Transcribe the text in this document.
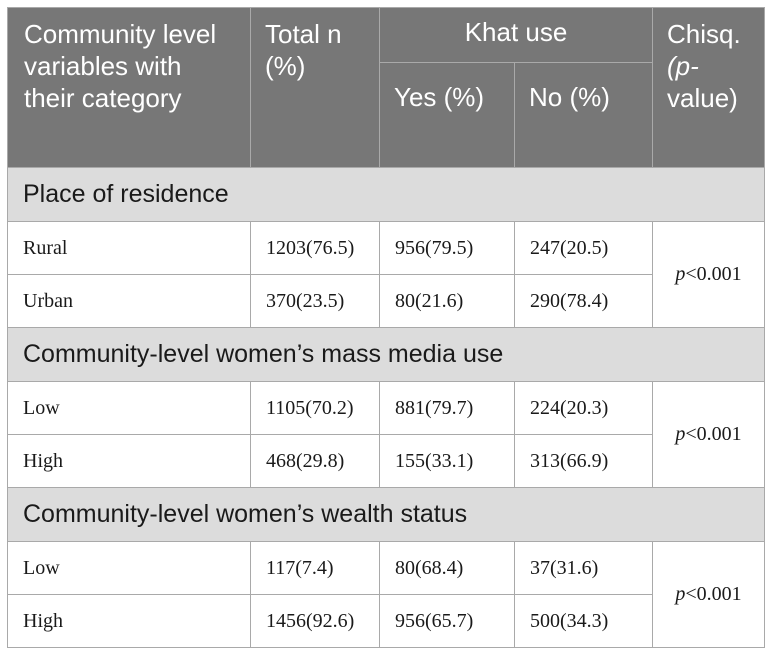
Community level variables with their category	Total n (%)	Khat use		Chisq. (p-
value)
		Yes (%)	No (%)	
Place of residence				
Rural	1203(76.5)	956(79.5)	247(20.5)	p<0.001
Urban	370(23.5)	80(21.6)	290(78.4)	
Community-level women’s mass media use				
Low	1105(70.2)	881(79.7)	224(20.3)	p<0.001
High	468(29.8)	155(33.1)	313(66.9)	
Community-level women’s wealth status				
Low	117(7.4)	80(68.4)	37(31.6)	p<0.001
High	1456(92.6)	956(65.7)	500(34.3)	
